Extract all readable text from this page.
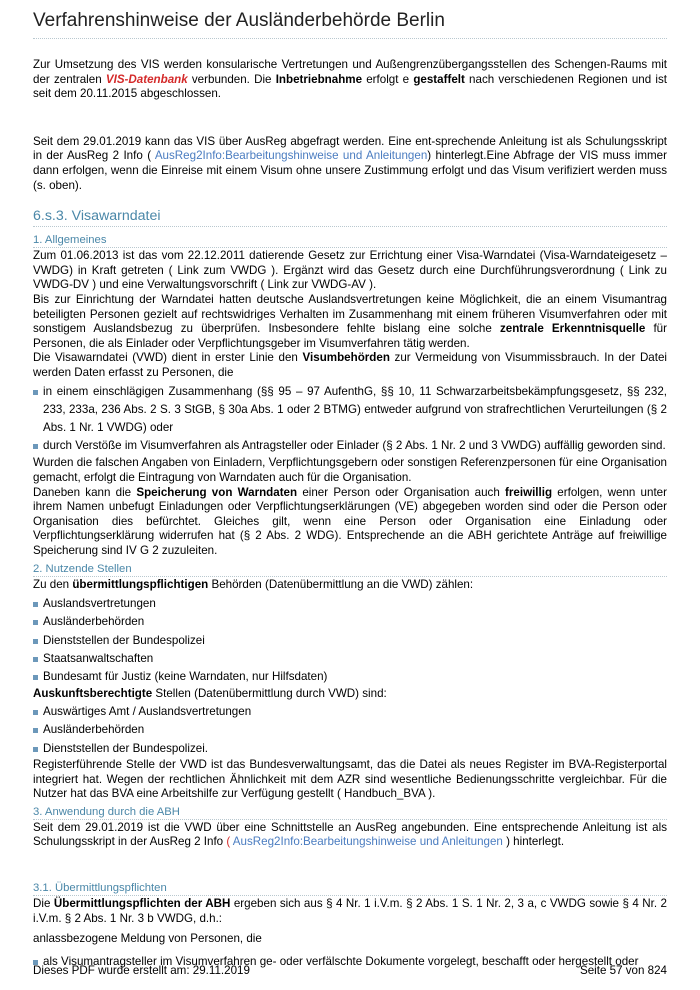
Verfahrenshinweise der Ausländerbehörde Berlin

Zur Umsetzung des VIS werden konsularische Vertretungen und Außengrenzübergangsstellen des Schengen-Raums mit der zentralen VIS-Datenbank verbunden. Die Inbetriebnahme erfolgt e gestaffelt nach verschiedenen Regionen und ist seit dem 20.11.2015 abgeschlossen.

Seit dem 29.01.2019 kann das VIS über AusReg abgefragt werden. Eine ent-sprechende Anleitung ist als Schulungsskript in der AusReg 2 Info ( AusReg2Info:Bearbeitungshinweise und Anleitungen) hinterlegt.Eine Abfrage der VIS muss immer dann erfolgen, wenn die Einreise mit einem Visum ohne unsere Zustimmung erfolgt und das Visum verifiziert werden muss (s. oben).

6.s.3. Visawarndatei
1. Allgemeines

Zum 01.06.2013 ist das vom 22.12.2011 datierende Gesetz zur Errichtung einer Visa-Warndatei (Visa-Warndateigesetz – VWDG) in Kraft getreten ( Link zum VWDG ). Ergänzt wird das Gesetz durch eine Durchführungsverordnung ( Link zu VWDG-DV ) und eine Verwaltungsvorschrift ( Link zur VWDG-AV ).

Bis zur Einrichtung der Warndatei hatten deutsche Auslandsvertretungen keine Möglichkeit, die an einem Visumantrag beteiligten Personen gezielt auf rechtswidriges Verhalten im Zusammenhang mit einem früheren Visumverfahren oder mit sonstigem Auslandsbezug zu überprüfen. Insbesondere fehlte bislang eine solche zentrale Erkenntnisquelle für Personen, die als Einlader oder Verpflichtungsgeber im Visumverfahren tätig werden.

Die Visawarndatei (VWD) dient in erster Linie den Visumbehörden zur Vermeidung von Visummissbrauch. In der Datei werden Daten erfasst zu Personen, die

in einem einschlägigen Zusammenhang (§§ 95 – 97 AufenthG, §§ 10, 11 Schwarzarbeitsbekämpfungsgesetz, §§ 232, 233, 233a, 236 Abs. 2 S. 3 StGB, § 30a Abs. 1 oder 2 BTMG) entweder aufgrund von strafrechtlichen Verurteilungen (§ 2 Abs. 1 Nr. 1 VWDG) oder
durch Verstöße im Visumverfahren als Antragsteller oder Einlader (§ 2 Abs. 1 Nr. 2 und 3 VWDG) auffällig geworden sind.

Wurden die falschen Angaben von Einladern, Verpflichtungsgebern oder sonstigen Referenzpersonen für eine Organisation gemacht, erfolgt die Eintragung von Warndaten auch für die Organisation.

Daneben kann die Speicherung von Warndaten einer Person oder Organisation auch freiwillig erfolgen, wenn unter ihrem Namen unbefugt Einladungen oder Verpflichtungserklärungen (VE) abgegeben worden sind oder die Person oder Organisation dies befürchtet. Gleiches gilt, wenn eine Person oder Organisation eine Einladung oder Verpflichtungserklärung widerrufen hat (§ 2 Abs. 2 WDG). Entsprechende an die ABH gerichtete Anträge auf freiwillige Speicherung sind IV G 2 zuzuleiten.

2. Nutzende Stellen

Zu den übermittlungspflichtigen Behörden (Datenübermittlung an die VWD) zählen:

Auslandsvertretungen
Ausländerbehörden
Dienststellen der Bundespolizei
Staatsanwaltschaften
Bundesamt für Justiz (keine Warndaten, nur Hilfsdaten)

Auskunftsberechtigte Stellen (Datenübermittlung durch VWD) sind:

Auswärtiges Amt / Auslandsvertretungen
Ausländerbehörden
Dienststellen der Bundespolizei.

Registerführende Stelle der VWD ist das Bundesverwaltungsamt, das die Datei als neues Register im BVA-Registerportal integriert hat. Wegen der rechtlichen Ähnlichkeit mit dem AZR sind wesentliche Bedienungsschritte vergleichbar. Für die Nutzer hat das BVA eine Arbeitshilfe zur Verfügung gestellt ( Handbuch_BVA ).

3. Anwendung durch die ABH

Seit dem 29.01.2019 ist die VWD über eine Schnittstelle an AusReg angebunden. Eine entsprechende Anleitung ist als Schulungsskript in der AusReg 2 Info ( AusReg2Info:Bearbeitungshinweise und Anleitungen ) hinterlegt.

3.1. Übermittlungspflichten

Die Übermittlungspflichten der ABH ergeben sich aus § 4 Nr. 1 i.V.m. § 2 Abs. 1 S. 1 Nr. 2, 3 a, c VWDG sowie § 4 Nr. 2 i.V.m. § 2 Abs. 1 Nr. 3 b VWDG, d.h.:

anlassbezogene Meldung von Personen, die

als Visumantragsteller im Visumverfahren ge- oder verfälschte Dokumente vorgelegt, beschafft oder hergestellt oder
Dieses PDF wurde erstellt am: 29.11.2019	Seite 57 von 824
